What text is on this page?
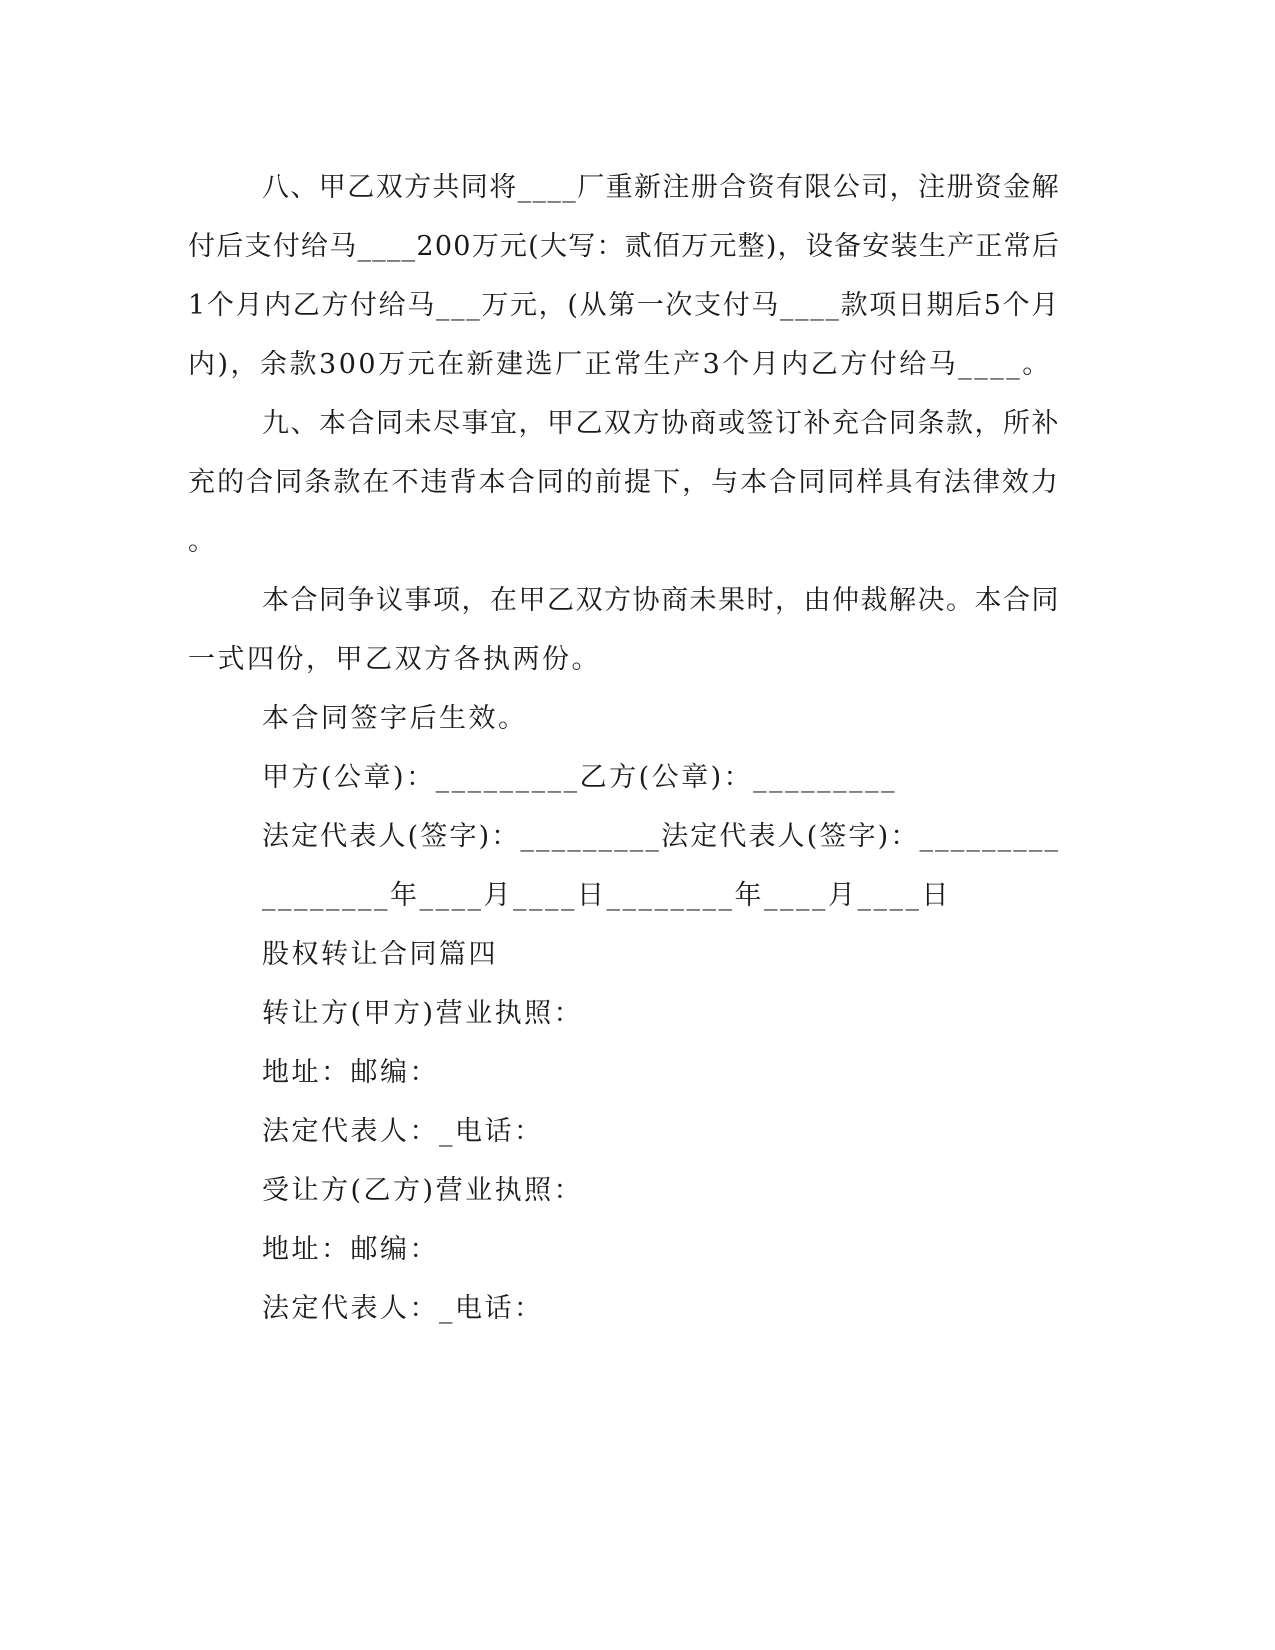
八、甲乙双方共同将____厂重新注册合资有限公司，注册资金解
付后支付给马____200万元(大写：贰佰万元整)，设备安装生产正常后
1个月内乙方付给马___万元，(从第一次支付马____款项日期后5个月
内)，余款300万元在新建选厂正常生产3个月内乙方付给马____。
九、本合同未尽事宜，甲乙双方协商或签订补充合同条款，所补
充的合同条款在不违背本合同的前提下，与本合同同样具有法律效力
。
本合同争议事项，在甲乙双方协商未果时，由仲裁解决。本合同
一式四份，甲乙双方各执两份。
本合同签字后生效。
甲方(公章)：_________乙方(公章)：_________
法定代表人(签字)：_________法定代表人(签字)：_________
________年____月____日________年____月____日
股权转让合同篇四
转让方(甲方)营业执照：
地址：邮编：
法定代表人：_电话：
受让方(乙方)营业执照：
地址：邮编：
法定代表人：_电话：
